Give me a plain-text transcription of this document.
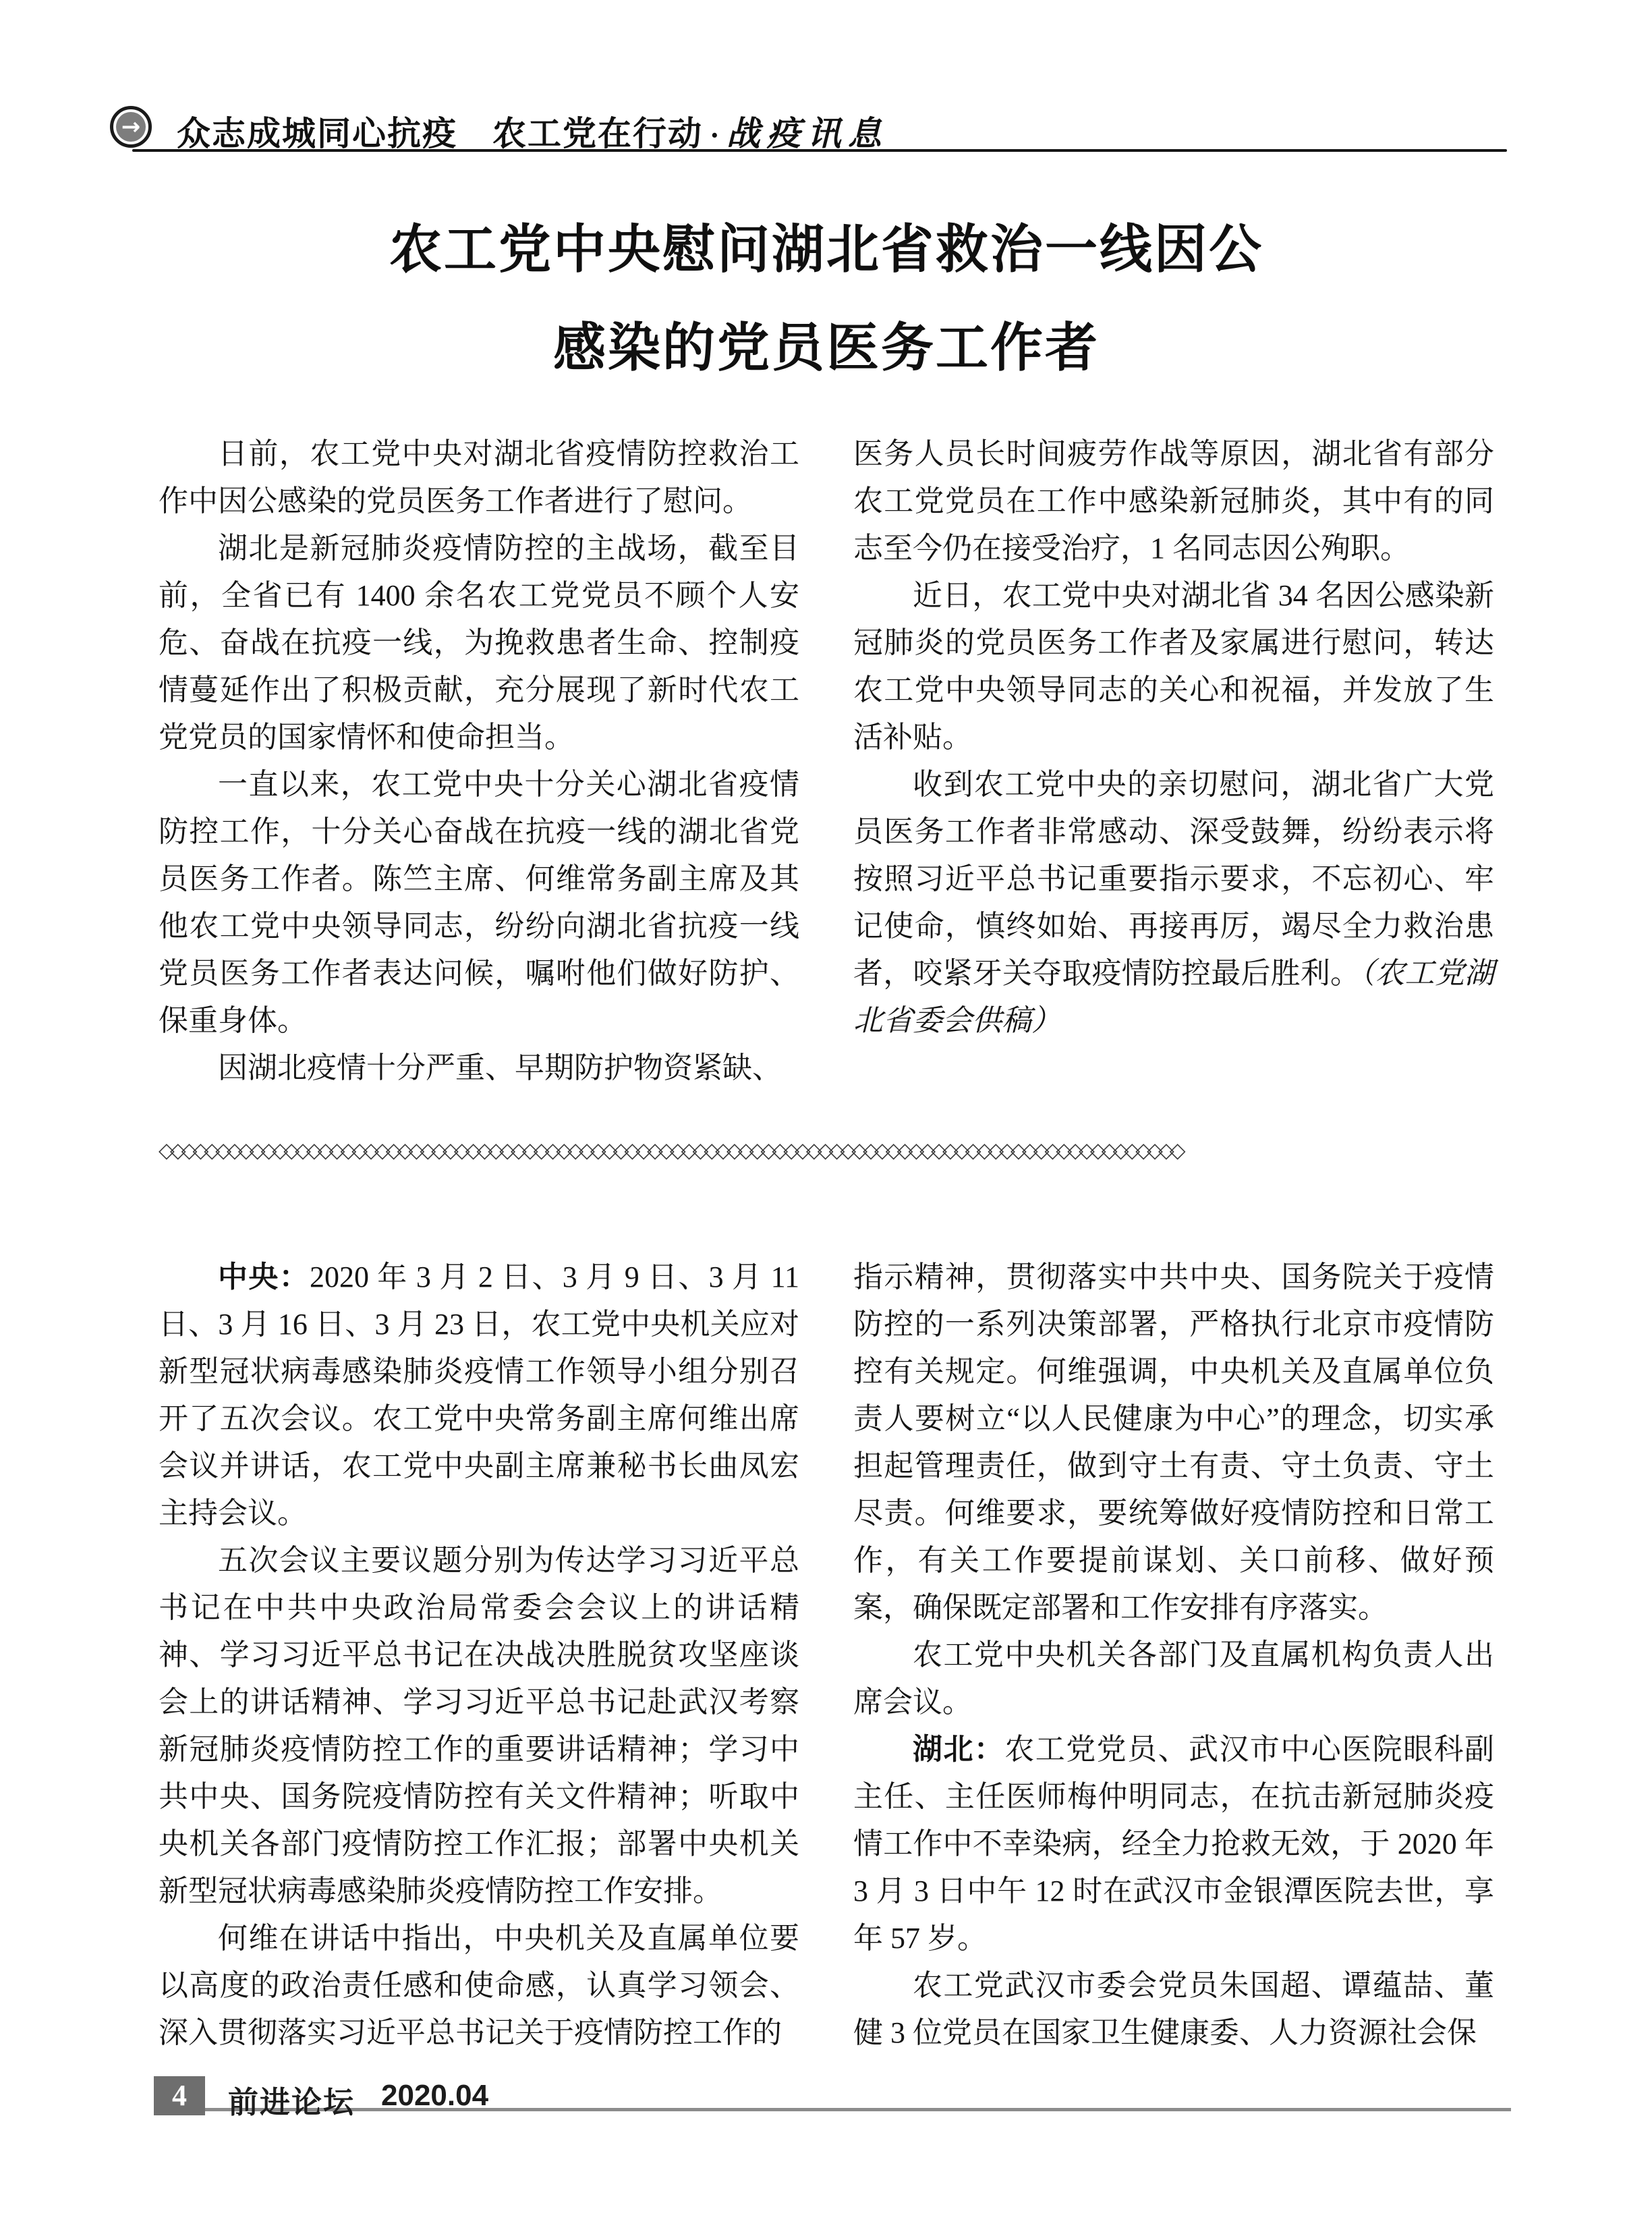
→ 众志成城同心抗疫　农工党在行动 · 战疫讯息
农工党中央慰问湖北省救治一线因公
感染的党员医务工作者

日前，农工党中央对湖北省疫情防控救治工作中因公感染的党员医务工作者进行了慰问。

湖北是新冠肺炎疫情防控的主战场，截至目前，全省已有 1400 余名农工党党员不顾个人安危、奋战在抗疫一线，为挽救患者生命、控制疫情蔓延作出了积极贡献，充分展现了新时代农工党党员的国家情怀和使命担当。

一直以来，农工党中央十分关心湖北省疫情防控工作，十分关心奋战在抗疫一线的湖北省党员医务工作者。陈竺主席、何维常务副主席及其他农工党中央领导同志，纷纷向湖北省抗疫一线党员医务工作者表达问候，嘱咐他们做好防护、保重身体。

因湖北疫情十分严重、早期防护物资紧缺、

医务人员长时间疲劳作战等原因，湖北省有部分农工党党员在工作中感染新冠肺炎，其中有的同志至今仍在接受治疗，1 名同志因公殉职。

近日，农工党中央对湖北省 34 名因公感染新冠肺炎的党员医务工作者及家属进行慰问，转达农工党中央领导同志的关心和祝福，并发放了生活补贴。

收到农工党中央的亲切慰问，湖北省广大党员医务工作者非常感动、深受鼓舞，纷纷表示将按照习近平总书记重要指示要求，不忘初心、牢记使命，慎终如始、再接再厉，竭尽全力救治患者，咬紧牙关夺取疫情防控最后胜利。（农工党湖北省委会供稿）

◇◇◇◇◇◇◇◇◇◇◇◇◇◇◇◇◇◇◇◇◇◇◇◇◇◇◇◇◇◇◇◇◇◇◇◇◇◇◇◇◇◇◇◇◇◇◇◇◇◇◇◇◇◇◇◇◇◇◇◇◇◇◇◇◇◇◇◇◇◇◇◇◇◇◇◇◇◇◇◇◇◇◇◇◇◇◇◇◇◇

中央：2020 年 3 月 2 日、3 月 9 日、3 月 11 日、3 月 16 日、3 月 23 日，农工党中央机关应对新型冠状病毒感染肺炎疫情工作领导小组分别召开了五次会议。农工党中央常务副主席何维出席会议并讲话，农工党中央副主席兼秘书长曲凤宏主持会议。

五次会议主要议题分别为传达学习习近平总书记在中共中央政治局常委会会议上的讲话精神、学习习近平总书记在决战决胜脱贫攻坚座谈会上的讲话精神、学习习近平总书记赴武汉考察新冠肺炎疫情防控工作的重要讲话精神；学习中共中央、国务院疫情防控有关文件精神；听取中央机关各部门疫情防控工作汇报；部署中央机关新型冠状病毒感染肺炎疫情防控工作安排。

何维在讲话中指出，中央机关及直属单位要以高度的政治责任感和使命感，认真学习领会、深入贯彻落实习近平总书记关于疫情防控工作的

指示精神，贯彻落实中共中央、国务院关于疫情防控的一系列决策部署，严格执行北京市疫情防控有关规定。何维强调，中央机关及直属单位负责人要树立“以人民健康为中心”的理念，切实承担起管理责任，做到守土有责、守土负责、守土尽责。何维要求，要统筹做好疫情防控和日常工作，有关工作要提前谋划、关口前移、做好预案，确保既定部署和工作安排有序落实。

农工党中央机关各部门及直属机构负责人出席会议。

湖北：农工党党员、武汉市中心医院眼科副主任、主任医师梅仲明同志，在抗击新冠肺炎疫情工作中不幸染病，经全力抢救无效，于 2020 年 3 月 3 日中午 12 时在武汉市金银潭医院去世，享年 57 岁。

农工党武汉市委会党员朱国超、谭蕴喆、董健 3 位党员在国家卫生健康委、人力资源社会保

4	前进论坛 2020.04
